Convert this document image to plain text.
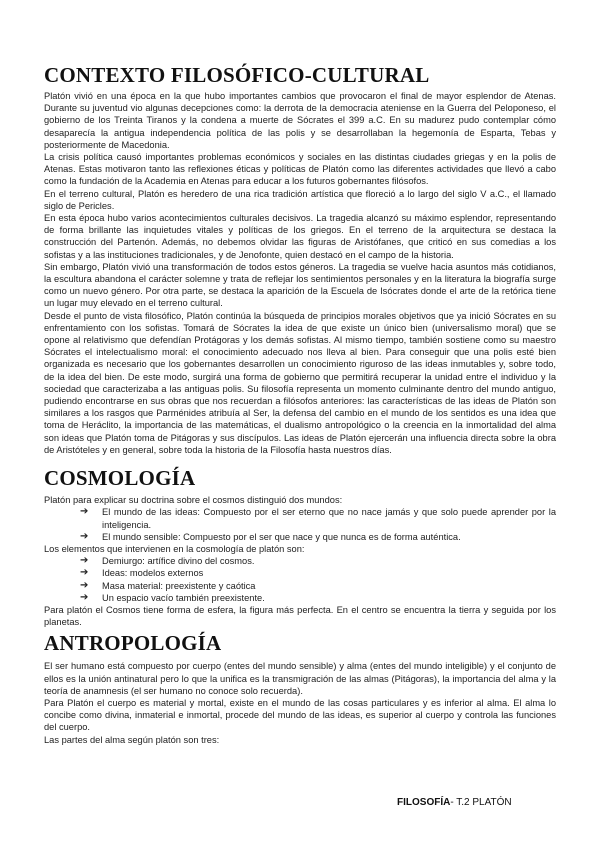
CONTEXTO FILOSÓFICO-CULTURAL

Platón vivió en una época en la que hubo importantes cambios que provocaron el final de mayor esplendor de Atenas. Durante su juventud vio algunas decepciones como: la derrota de la democracia ateniense en la Guerra del Peloponeso, el gobierno de los Treinta Tiranos y la condena a muerte de Sócrates el 399 a.C. En su madurez pudo contemplar cómo desaparecía la antigua independencia política de las polis y se desarrollaban la hegemonía de Esparta, Tebas y posteriormente de Macedonia.

La crisis política causó importantes problemas económicos y sociales en las distintas ciudades griegas y en la polis de Atenas. Estas motivaron tanto las reflexiones éticas y políticas de Platón como las diferentes actividades que llevó a cabo como la fundación de la Academia en Atenas para educar a los futuros gobernantes filósofos.

En el terreno cultural, Platón es heredero de una rica tradición artística que floreció a lo largo del siglo V a.C., el llamado siglo de Pericles.

En esta época hubo varios acontecimientos culturales decisivos. La tragedia alcanzó su máximo esplendor, representando de forma brillante las inquietudes vitales y políticas de los griegos. En el terreno de la arquitectura se destaca la construcción del Partenón. Además, no debemos olvidar las figuras de Aristófanes, que criticó en sus comedias a los sofistas y a las instituciones tradicionales, y de Jenofonte, quien destacó en el campo de la historia.

Sin embargo, Platón vivió una transformación de todos estos géneros. La tragedia se vuelve hacia asuntos más cotidianos, la escultura abandona el carácter solemne y trata de reflejar los sentimientos personales y en la literatura la biografía surge como un nuevo género. Por otra parte, se destaca la aparición de la Escuela de Isócrates donde el arte de la retórica tiene un lugar muy elevado en el terreno cultural.

Desde el punto de vista filosófico, Platón continúa la búsqueda de principios morales objetivos que ya inició Sócrates en su enfrentamiento con los sofistas. Tomará de Sócrates la idea de que existe un único bien (universalismo moral) que se opone al relativismo que defendían Protágoras y los demás sofistas. Al mismo tiempo, también sostiene como su maestro Sócrates el intelectualismo moral: el conocimiento adecuado nos lleva al bien. Para conseguir que una polis esté bien organizada es necesario que los gobernantes desarrollen un conocimiento riguroso de las ideas inmutables y, sobre todo, de la idea del bien. De este modo, surgirá una forma de gobierno que permitirá recuperar la unidad entre el individuo y la sociedad que caracterizaba a las antiguas polis. Su filosofía representa un momento culminante dentro del mundo antiguo, pudiendo encontrarse en sus obras que nos recuerdan a filósofos anteriores: las características de las ideas de Platón son similares a los rasgos que Parménides atribuía al Ser, la defensa del cambio en el mundo de los sentidos es una idea que toma de Heráclito, la importancia de las matemáticas, el dualismo antropológico o la creencia en la inmortalidad del alma son ideas que Platón toma de Pitágoras y sus discípulos. Las ideas de Platón ejercerán una influencia directa sobre la obra de Aristóteles y en general, sobre toda la historia de la Filosofía hasta nuestros días.

COSMOLOGÍA

Platón para explicar su doctrina sobre el cosmos distinguió dos mundos:

➔ El mundo de las ideas: Compuesto por el ser eterno que no nace jamás y que solo puede aprender por la inteligencia.
➔ El mundo sensible: Compuesto por el ser que nace y que nunca es de forma auténtica.

Los elementos que intervienen en la cosmología de platón son:

➔ Demiurgo: artífice divino del cosmos.
➔ Ideas: modelos externos
➔ Masa material: preexistente y caótica
➔ Un espacio vacío también preexistente.

Para platón el Cosmos tiene forma de esfera, la figura más perfecta. En el centro se encuentra la tierra y seguida por los planetas.

ANTROPOLOGÍA

El ser humano está compuesto por cuerpo (entes del mundo sensible) y alma (entes del mundo inteligible) y el conjunto de ellos es la unión antinatural pero lo que la unifica es la transmigración de las almas (Pitágoras), la importancia del alma y la teoría de anamnesis (el ser humano no conoce solo recuerda).

Para Platón el cuerpo es material y mortal, existe en el mundo de las cosas particulares y es inferior al alma. El alma lo concibe como divina, inmaterial e inmortal, procede del mundo de las ideas, es superior al cuerpo y controla las funciones del cuerpo.

Las partes del alma según platón son tres:

FILOSOFÍA- T.2 PLATÓN
